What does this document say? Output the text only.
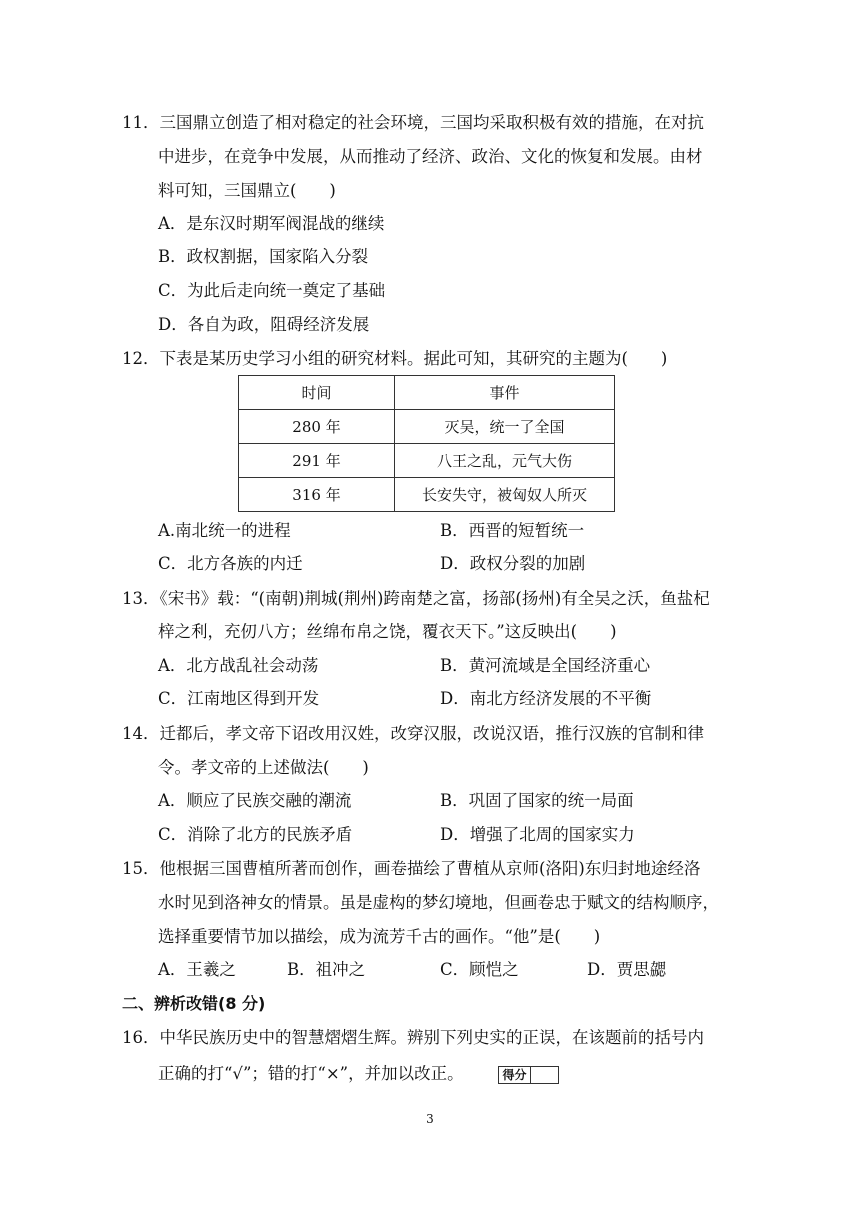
11．三国鼎立创造了相对稳定的社会环境，三国均采取积极有效的措施，在对抗
中进步，在竞争中发展，从而推动了经济、政治、文化的恢复和发展。由材
料可知，三国鼎立(　　)
A．是东汉时期军阀混战的继续
B．政权割据，国家陷入分裂
C．为此后走向统一奠定了基础
D．各自为政，阻碍经济发展
12．下表是某历史学习小组的研究材料。据此可知，其研究的主题为(　　)
时间	事件
280 年	灭吴，统一了全国
291 年	八王之乱，元气大伤
316 年	长安失守，被匈奴人所灭
A.南北统一的进程	B．西晋的短暂统一
C．北方各族的内迁	D．政权分裂的加剧
13．《宋书》载：“(南朝)荆城(荆州)跨南楚之富，扬部(扬州)有全吴之沃，鱼盐杞
梓之利，充仞八方；丝绵布帛之饶，覆衣天下。”这反映出(　　)
A．北方战乱社会动荡	B．黄河流域是全国经济重心
C．江南地区得到开发	D．南北方经济发展的不平衡
14．迁都后，孝文帝下诏改用汉姓，改穿汉服，改说汉语，推行汉族的官制和律
令。孝文帝的上述做法(　　)
A．顺应了民族交融的潮流	B．巩固了国家的统一局面
C．消除了北方的民族矛盾	D．增强了北周的国家实力
15．他根据三国曹植所著而创作，画卷描绘了曹植从京师(洛阳)东归封地途经洛
水时见到洛神女的情景。虽是虚构的梦幻境地，但画卷忠于赋文的结构顺序，
选择重要情节加以描绘，成为流芳千古的画作。“他”是(　　)
A．王羲之	B．祖冲之	C．顾恺之	D．贾思勰
二、辨析改错(8 分)
16．中华民族历史中的智慧熠熠生辉。辨别下列史实的正误，在该题前的括号内
正确的打“√”；错的打“×”，并加以改正。	得分
3
